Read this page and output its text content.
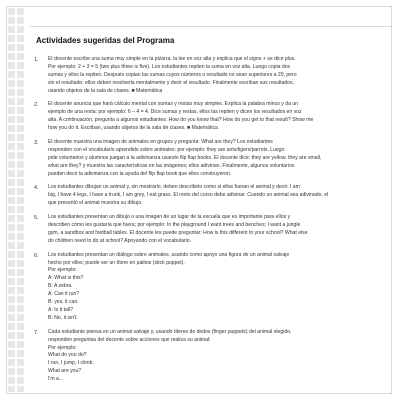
Actividades sugeridas del Programa
1. El docente escribe una suma muy simple en la pizarra, la lee en voz alta y explica que el signo + se dice plus.
Por ejemplo: 2 + 3 = 5 (two plus three is five). Los estudiantes repiten la suma en voz alta. Luego copia dos
sumas y ellos la repiten. Después copian las sumas cuyos números o resultado no sean superiores a 20, pero
sin el resultado: ellos deben resolverla mentalmente y decir el resultado. Finalmente escriban sus resultados,
usando objetos de la sala de clases. ■ Matemática
2. El docente anuncia que hará cálculo mental con sumas y restas muy simples. Explica la palabra minus y da un
ejemplo de una resta: por ejemplo: 6 – 4 = 4. Dice sumas y restas, ellos las repiten y dicen los resultados en voz
alta. A continuación, pregunta a algunos estudiantes: How do you know that? How do you get to that result? Show me
how you do it. Escriban, usando objetos de la sala de clases. ■ Matemática
3. El docente muestra una imagen de animales en grupos y pregunta: What are they? Los estudiantes
responden con el vocabulario aprendido sobre animales: por ejemplo: they are ants/tigers/parrots. Luego
pide voluntarios y alumnos juegan a la adivinanza usando flip flap books. El docente dice: they are yellow. they are small,
what are they? y muestra las características en las imágenes; ellos adivinan. Finalmente, algunos voluntarios
pueden decir la adivinanza con la ayuda del flip flap book que ellos construyeron.
4. Los estudiantes dibujan un animal y, sin mostrarlo, deben describirlo como si ellos fueran el animal y decir: I am
big, I have 4 legs, I have a trunk, I am grey, I eat grass. El resto del curso debe adivinar. Cuando un animal sea adivinado, el
que presentó el animal muestra su dibujo.
5. Los estudiantes presentan un dibujo o una imagen de un lugar de la escuela que es importante para ellos y
describen cómo les gustaría que fuera; por ejemplo: In the playground I want trees and benches; I want a jungle
gym, a sandbox and football tables. El docente les puede preguntar: How is this different to your school? What else
do children need to do at school? Apoyando con el vocabulario.
6. Los estudiantes presentan un diálogo sobre animales, usando como apoyo una figura de un animal salvaje
hecho por ellos; puede ser un títere en palitos (stick puppet).
Por ejemplo:
A: What is this?
B: A zebra.
A: Can it run?
B: yes, it can.
A: Is it tall?
B: No, it isn't.
7. Cada estudiante piensa en un animal salvaje y, usando títeres de dedos (finger puppets) del animal elegido,
responden preguntas del docente sobre acciones que realiza su animal:
Por ejemplo:
What do you do?
I run, I jump, I climb.
What are you?
I'm a...
